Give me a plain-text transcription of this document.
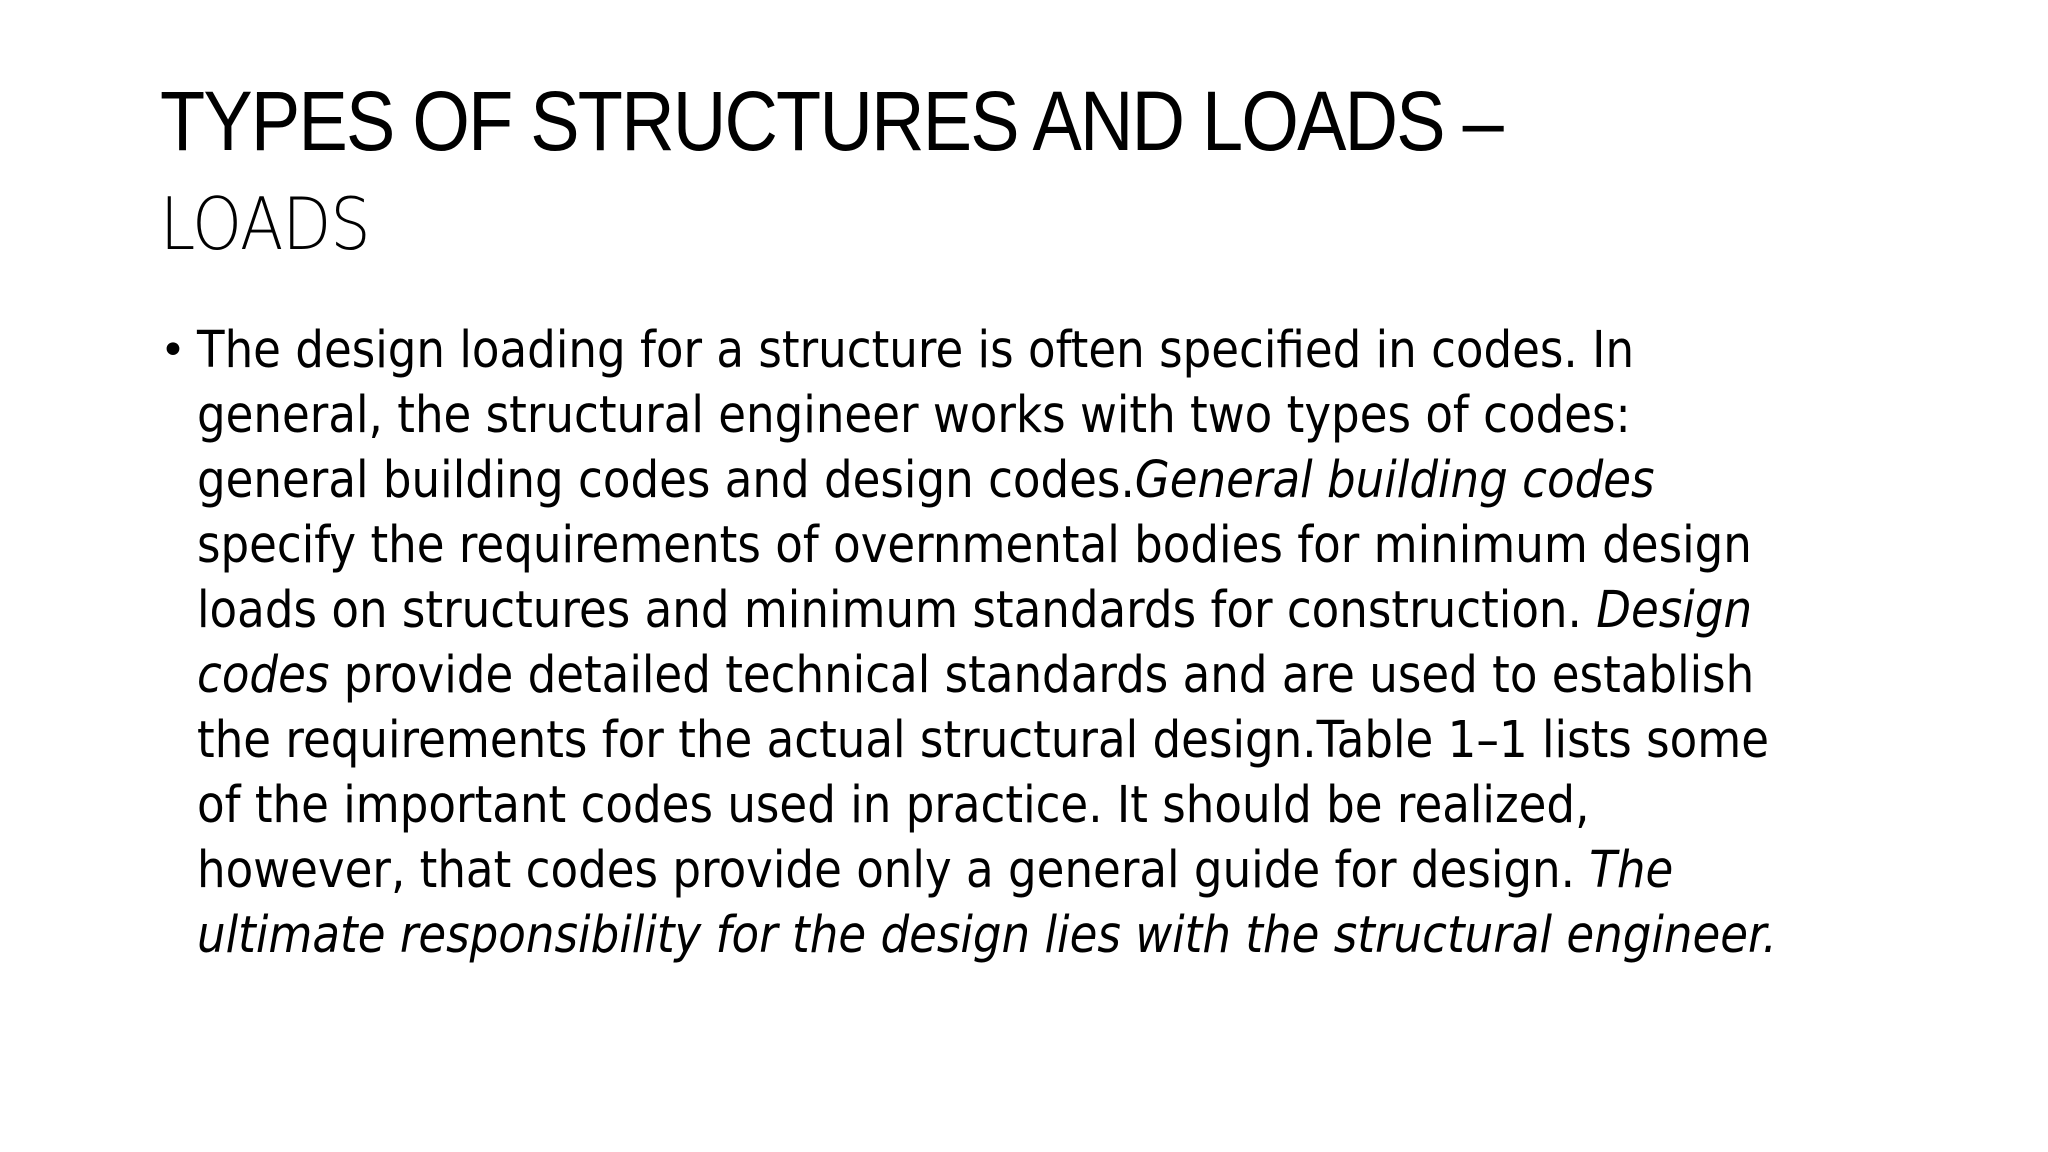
TYPES OF STRUCTURES AND LOADS –
LOADS
• The design loading for a structure is often specified in codes. In
general, the structural engineer works with two types of codes:
general building codes and design codes.General building codes
specify the requirements of overnmental bodies for minimum design
loads on structures and minimum standards for construction. Design
codes provide detailed technical standards and are used to establish
the requirements for the actual structural design.Table 1–1 lists some
of the important codes used in practice. It should be realized,
however, that codes provide only a general guide for design. The
ultimate responsibility for the design lies with the structural engineer.
